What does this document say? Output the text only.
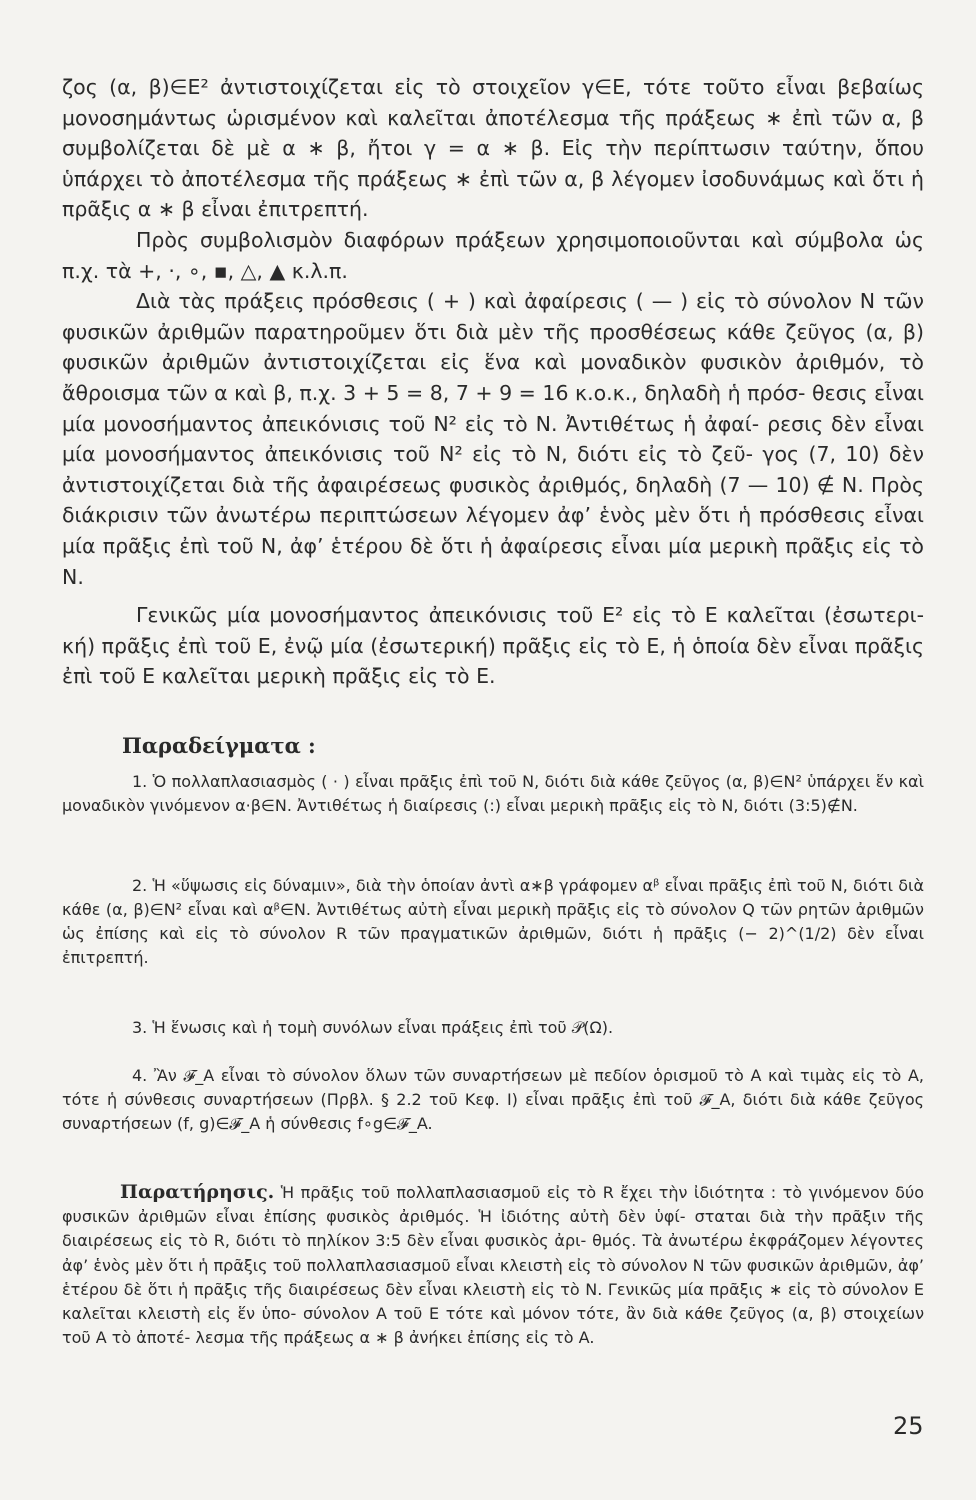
ζος (α, β)∈E² ἀντιστοιχίζεται εἰς τὸ στοιχεῖον γ∈E, τότε τοῦτο εἶναι βεβαίως μονοσημάντως ὡρισμένον καὶ καλεῖται ἀποτέλεσμα τῆς πράξεως ∗ ἐπὶ τῶν α, β συμβολίζεται δὲ μὲ α ∗ β, ἤτοι γ = α ∗ β. Εἰς τὴν περίπτωσιν ταύτην, ὅπου ὑπάρχει τὸ ἀποτέλεσμα τῆς πράξεως ∗ ἐπὶ τῶν α, β λέγομεν ἰσοδυνάμως καὶ ὅτι ἡ πρᾶξις α ∗ β εἶναι ἐπιτρεπτή.

Πρὸς συμβολισμὸν διαφόρων πράξεων χρησιμοποιοῦνται καὶ σύμβολα ὡς π.χ. τὰ +, ·, ∘, ▪, △, ▲ κ.λ.π.

Διὰ τὰς πράξεις πρόσθεσις ( + ) καὶ ἀφαίρεσις ( — ) εἰς τὸ σύνολον N τῶν φυσικῶν ἀριθμῶν παρατηροῦμεν ὅτι διὰ μὲν τῆς προσθέσεως κάθε ζεῦγος (α, β) φυσικῶν ἀριθμῶν ἀντιστοιχίζεται εἰς ἕνα καὶ μοναδικὸν φυσικὸν ἀριθμόν, τὸ ἄθροισμα τῶν α καὶ β, π.χ. 3 + 5 = 8, 7 + 9 = 16 κ.ο.κ., δηλαδὴ ἡ πρόσ- θεσις εἶναι μία μονοσήμαντος ἀπεικόνισις τοῦ N² εἰς τὸ N. Ἀντιθέτως ἡ ἀφαί- ρεσις δὲν εἶναι μία μονοσήμαντος ἀπεικόνισις τοῦ N² εἰς τὸ N, διότι εἰς τὸ ζεῦ- γος (7, 10) δὲν ἀντιστοιχίζεται διὰ τῆς ἀφαιρέσεως φυσικὸς ἀριθμός, δηλαδὴ (7 — 10) ∉ N. Πρὸς διάκρισιν τῶν ἀνωτέρω περιπτώσεων λέγομεν ἀφ’ ἑνὸς μὲν ὅτι ἡ πρόσθεσις εἶναι μία πρᾶξις ἐπὶ τοῦ N, ἀφ’ ἑτέρου δὲ ὅτι ἡ ἀφαίρεσις εἶναι μία μερικὴ πρᾶξις εἰς τὸ N.

Γενικῶς μία μονοσήμαντος ἀπεικόνισις τοῦ E² εἰς τὸ E καλεῖται (ἐσωτερι- κή) πρᾶξις ἐπὶ τοῦ E, ἐνῷ μία (ἐσωτερική) πρᾶξις εἰς τὸ E, ἡ ὁποία δὲν εἶναι πρᾶξις ἐπὶ τοῦ E καλεῖται μερικὴ πρᾶξις εἰς τὸ E.

Παραδείγματα :

1. Ὁ πολλαπλασιασμὸς ( · ) εἶναι πρᾶξις ἐπὶ τοῦ N, διότι διὰ κάθε ζεῦγος (α, β)∈N² ὑπάρχει ἕν καὶ μοναδικὸν γινόμενον α·β∈N. Ἀντιθέτως ἡ διαίρεσις (:) εἶναι μερικὴ πρᾶξις εἰς τὸ N, διότι (3:5)∉N.

2. Ἡ «ὕψωσις εἰς δύναμιν», διὰ τὴν ὁποίαν ἀντὶ α∗β γράφομεν αᵝ εἶναι πρᾶξις ἐπὶ τοῦ N, διότι διὰ κάθε (α, β)∈N² εἶναι καὶ αᵝ∈N. Ἀντιθέτως αὐτὴ εἶναι μερικὴ πρᾶξις εἰς τὸ σύνολον Q τῶν ρητῶν ἀριθμῶν ὡς ἐπίσης καὶ εἰς τὸ σύνολον R τῶν πραγματικῶν ἀριθμῶν, διότι ἡ πρᾶξις (− 2)^(1/2) δὲν εἶναι ἐπιτρεπτή.

3. Ἡ ἕνωσις καὶ ἡ τομὴ συνόλων εἶναι πράξεις ἐπὶ τοῦ 𝒫(Ω).

4. Ἂν 𝓕_A εἶναι τὸ σύνολον ὅλων τῶν συναρτήσεων μὲ πεδίον ὁρισμοῦ τὸ A καὶ τιμὰς εἰς τὸ A, τότε ἡ σύνθεσις συναρτήσεων (Πρβλ. § 2.2 τοῦ Κεφ. I) εἶναι πρᾶξις ἐπὶ τοῦ 𝓕_A, διότι διὰ κάθε ζεῦγος συναρτήσεων (f, g)∈𝓕_A ἡ σύνθεσις f∘g∈𝓕_A.

Παρατήρησις. Ἡ πρᾶξις τοῦ πολλαπλασιασμοῦ εἰς τὸ R ἔχει τὴν ἰδιότητα : τὸ γινόμενον δύο φυσικῶν ἀριθμῶν εἶναι ἐπίσης φυσικὸς ἀριθμός. Ἡ ἰδιότης αὐτὴ δὲν ὑφί- σταται διὰ τὴν πρᾶξιν τῆς διαιρέσεως εἰς τὸ R, διότι τὸ πηλίκον 3:5 δὲν εἶναι φυσικὸς ἀρι- θμός. Τὰ ἀνωτέρω ἐκφράζομεν λέγοντες ἀφ’ ἑνὸς μὲν ὅτι ἡ πρᾶξις τοῦ πολλαπλασιασμοῦ εἶναι κλειστὴ εἰς τὸ σύνολον N τῶν φυσικῶν ἀριθμῶν, ἀφ’ ἑτέρου δὲ ὅτι ἡ πρᾶξις τῆς διαιρέσεως δὲν εἶναι κλειστὴ εἰς τὸ N. Γενικῶς μία πρᾶξις ∗ εἰς τὸ σύνολον E καλεῖται κλειστὴ εἰς ἕν ὑπο- σύνολον A τοῦ E τότε καὶ μόνον τότε, ἂν διὰ κάθε ζεῦγος (α, β) στοιχείων τοῦ A τὸ ἀποτέ- λεσμα τῆς πράξεως α ∗ β ἀνήκει ἐπίσης εἰς τὸ A.

25
